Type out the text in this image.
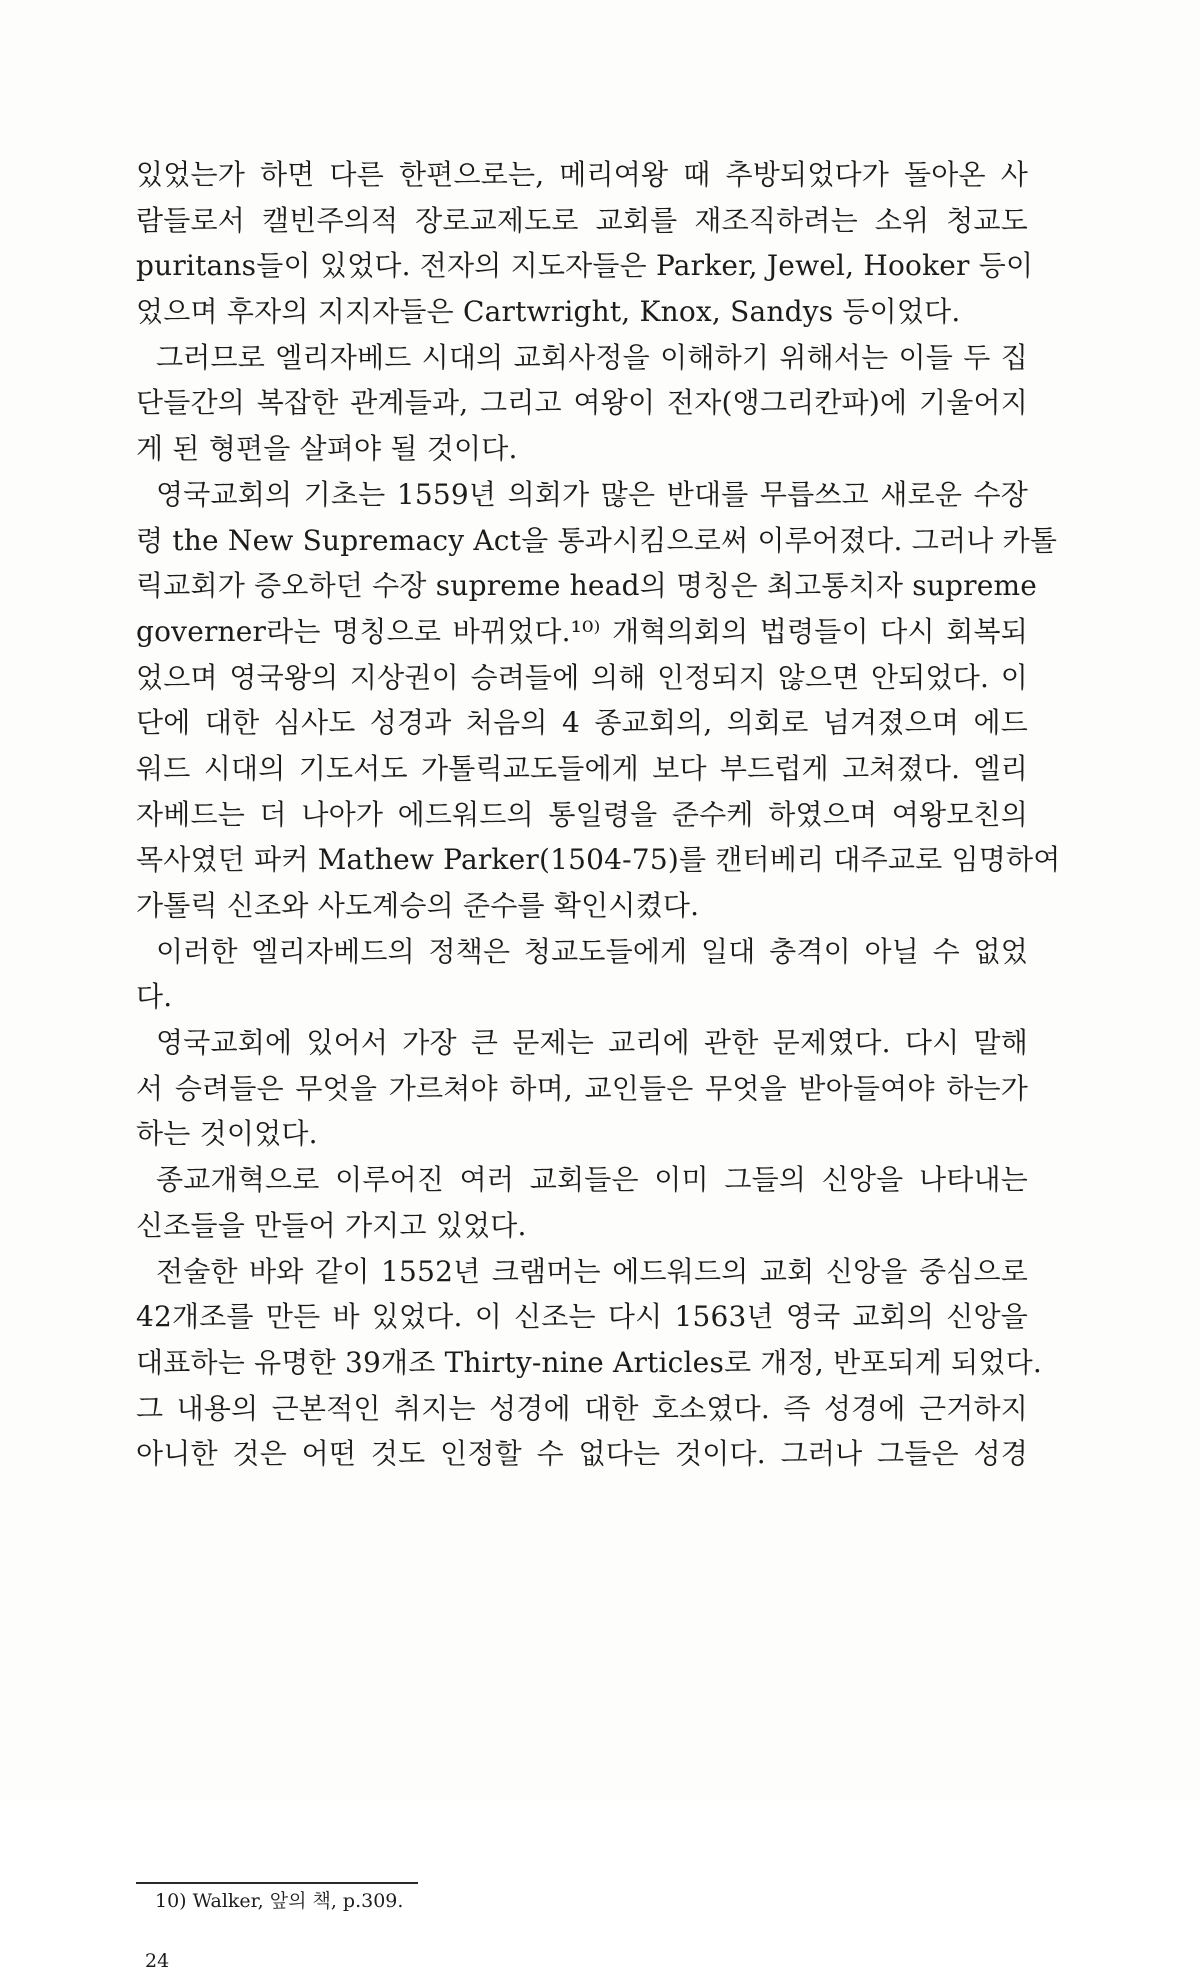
있었는가 하면 다른 한편으로는, 메리여왕 때 추방되었다가 돌아온 사
람들로서 캘빈주의적 장로교제도로 교회를 재조직하려는 소위 청교도
puritans들이 있었다. 전자의 지도자들은 Parker, Jewel, Hooker 등이
었으며 후자의 지지자들은 Cartwright, Knox, Sandys 등이었다.
그러므로 엘리자베드 시대의 교회사정을 이해하기 위해서는 이들 두 집
단들간의 복잡한 관계들과, 그리고 여왕이 전자(앵그리칸파)에 기울어지
게 된 형편을 살펴야 될 것이다.
영국교회의 기초는 1559년 의회가 많은 반대를 무릅쓰고 새로운 수장
령 the New Supremacy Act을 통과시킴으로써 이루어졌다. 그러나 카톨
릭교회가 증오하던 수장 supreme head의 명칭은 최고통치자 supreme
governer라는 명칭으로 바뀌었다.¹⁰⁾ 개혁의회의 법령들이 다시 회복되
었으며 영국왕의 지상권이 승려들에 의해 인정되지 않으면 안되었다. 이
단에 대한 심사도 성경과 처음의 4 종교회의, 의회로 넘겨졌으며 에드
워드 시대의 기도서도 가톨릭교도들에게 보다 부드럽게 고쳐졌다. 엘리
자베드는 더 나아가 에드워드의 통일령을 준수케 하였으며 여왕모친의
목사였던 파커 Mathew Parker(1504-75)를 캔터베리 대주교로 임명하여
가톨릭 신조와 사도계승의 준수를 확인시켰다.
이러한 엘리자베드의 정책은 청교도들에게 일대 충격이 아닐 수 없었
다.
영국교회에 있어서 가장 큰 문제는 교리에 관한 문제였다. 다시 말해
서 승려들은 무엇을 가르쳐야 하며, 교인들은 무엇을 받아들여야 하는가
하는 것이었다.
종교개혁으로 이루어진 여러 교회들은 이미 그들의 신앙을 나타내는
신조들을 만들어 가지고 있었다.
전술한 바와 같이 1552년 크램머는 에드워드의 교회 신앙을 중심으로
42개조를 만든 바 있었다. 이 신조는 다시 1563년 영국 교회의 신앙을
대표하는 유명한 39개조 Thirty-nine Articles로 개정, 반포되게 되었다.
그 내용의 근본적인 취지는 성경에 대한 호소였다. 즉 성경에 근거하지
아니한 것은 어떤 것도 인정할 수 없다는 것이다. 그러나 그들은 성경
10) Walker, 앞의 책, p.309.
24
